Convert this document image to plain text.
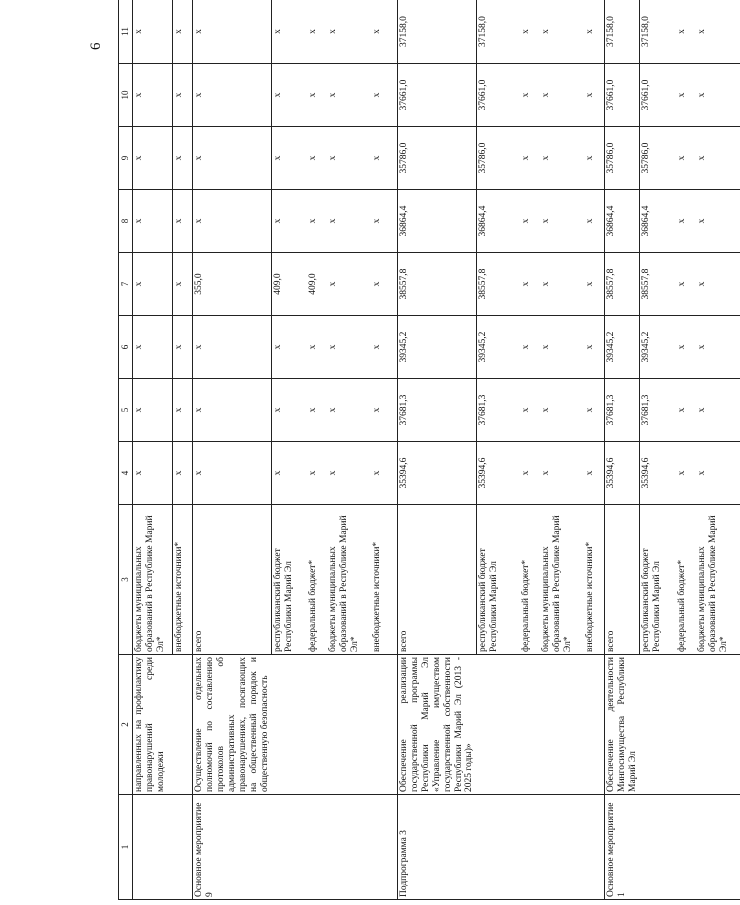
6
1	2	3	4	5	6	7	8	9	10	11
	направленных на профилактику правонарушений среди молодежи	бюджеты муниципальных образований в Республике Марий Эл*	x	x	x	x	x	x	x	x
		внебюджетные источники*	x	x	x	x	x	x	x	x
Основное мероприятие 9	Осуществление отдельных полномочий по составлению протоколов об административных правонарушениях, посягающих на общественный порядок и общественную безопасность	всего	x	x	x	355,0	x	x	x	x
		республиканский бюджет Республики Марий Эл	x	x	x	409,0	x	x	x	x
		федеральный бюджет*	x	x	x	409,0	x	x	x	x
		бюджеты муниципальных образований в Республике Марий Эл*	x	x	x	x	x	x	x	x
		внебюджетные источники*	x	x	x	x	x	x	x	x
Подпрограмма 3	Обеспечение реализации государственной программы Республики Марий Эл «Управление имуществом государственной собственности Республики Марий Эл (2013 - 2025 годы)»	всего	35394,6	37681,3	39345,2	38557,8	36864,4	35786,0	37661,0	37158,0
		республиканский бюджет Республики Марий Эл	35394,6	37681,3	39345,2	38557,8	36864,4	35786,0	37661,0	37158,0
		федеральный бюджет*	x	x	x	x	x	x	x	x
		бюджеты муниципальных образований в Республике Марий Эл*	x	x	x	x	x	x	x	x
		внебюджетные источники*	x	x	x	x	x	x	x	x
Основное мероприятие 1	Обеспечение деятельности Мингосимущества Республики Марий Эл	всего	35394,6	37681,3	39345,2	38557,8	36864,4	35786,0	37661,0	37158,0
		республиканский бюджет Республики Марий Эл	35394,6	37681,3	39345,2	38557,8	36864,4	35786,0	37661,0	37158,0
		федеральный бюджет*	x	x	x	x	x	x	x	x
		бюджеты муниципальных образований в Республике Марий Эл*	x	x	x	x	x	x	x	x
